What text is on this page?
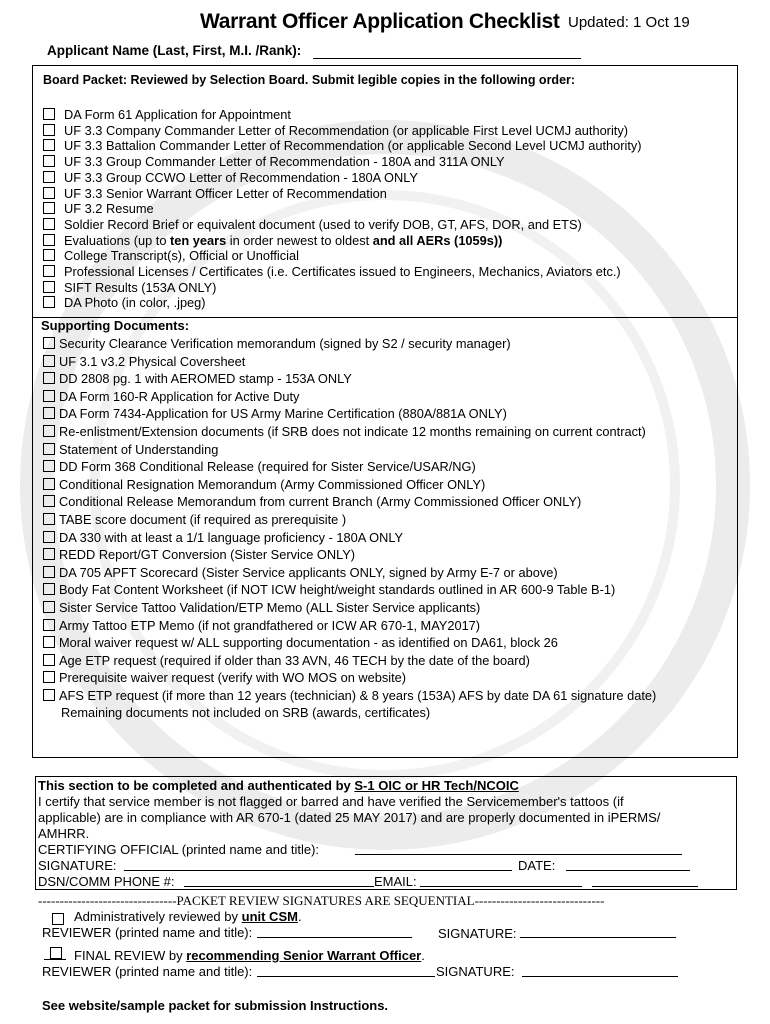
Warrant Officer Application Checklist Updated: 1 Oct 19
Applicant Name (Last, First, M.I. /Rank):
Board Packet: Reviewed by Selection Board. Submit legible copies in the following order:
DA Form 61 Application for Appointment
UF 3.3 Company Commander Letter of Recommendation (or applicable First Level UCMJ authority)
UF 3.3 Battalion Commander Letter of Recommendation (or applicable Second Level UCMJ authority)
UF 3.3 Group Commander Letter of Recommendation - 180A and 311A ONLY
UF 3.3 Group CCWO Letter of Recommendation - 180A ONLY
UF 3.3 Senior Warrant Officer Letter of Recommendation
UF 3.2 Resume
Soldier Record Brief or equivalent document (used to verify DOB, GT, AFS, DOR, and ETS)
Evaluations (up to ten years in order newest to oldest and all AERs (1059s))
College Transcript(s), Official or Unofficial
Professional Licenses / Certificates (i.e. Certificates issued to Engineers, Mechanics, Aviators etc.)
SIFT Results (153A ONLY)
DA Photo (in color, .jpeg)
Supporting Documents:
Security Clearance Verification memorandum (signed by S2 / security manager)
UF 3.1 v3.2 Physical Coversheet
DD 2808 pg. 1 with AEROMED stamp - 153A ONLY
DA Form 160-R Application for Active Duty
DA Form 7434-Application for US Army Marine Certification (880A/881A ONLY)
Re-enlistment/Extension documents (if SRB does not indicate 12 months remaining on current contract)
Statement of Understanding
DD Form 368 Conditional Release (required for Sister Service/USAR/NG)
Conditional Resignation Memorandum (Army Commissioned Officer ONLY)
Conditional Release Memorandum from current Branch (Army Commissioned Officer ONLY)
TABE score document (if required as prerequisite )
DA 330 with at least a 1/1 language proficiency - 180A ONLY
REDD Report/GT Conversion (Sister Service ONLY)
DA 705 APFT Scorecard (Sister Service applicants ONLY, signed by Army E-7 or above)
Body Fat Content Worksheet (if NOT ICW height/weight standards outlined in AR 600-9 Table B-1)
Sister Service Tattoo Validation/ETP Memo (ALL Sister Service applicants)
Army Tattoo ETP Memo (if not grandfathered or ICW AR 670-1, MAY2017)
Moral waiver request w/ ALL supporting documentation - as identified on DA61, block 26
Age ETP request (required if older than 33 AVN, 46 TECH by the date of the board)
Prerequisite waiver request (verify with WO MOS on website)
AFS ETP request (if more than 12 years (technician) & 8 years (153A) AFS by date DA 61 signature date)
Remaining documents not included on SRB (awards, certificates)
This section to be completed and authenticated by S-1 OIC or HR Tech/NCOIC
I certify that service member is not flagged or barred and have verified the Servicemember's tattoos (if
applicable) are in compliance with AR 670-1 (dated 25 MAY 2017) and are properly documented in iPERMS/
AMHRR.
CERTIFYING OFFICIAL (printed name and title):
SIGNATURE:	DATE:
DSN/COMM PHONE #:	EMAIL:
--------------------------------PACKET REVIEW SIGNATURES ARE SEQUENTIAL------------------------------
Administratively reviewed by unit CSM.
REVIEWER (printed name and title):	SIGNATURE:
FINAL REVIEW by recommending Senior Warrant Officer.
REVIEWER (printed name and title):	SIGNATURE:
See website/sample packet for submission Instructions.
